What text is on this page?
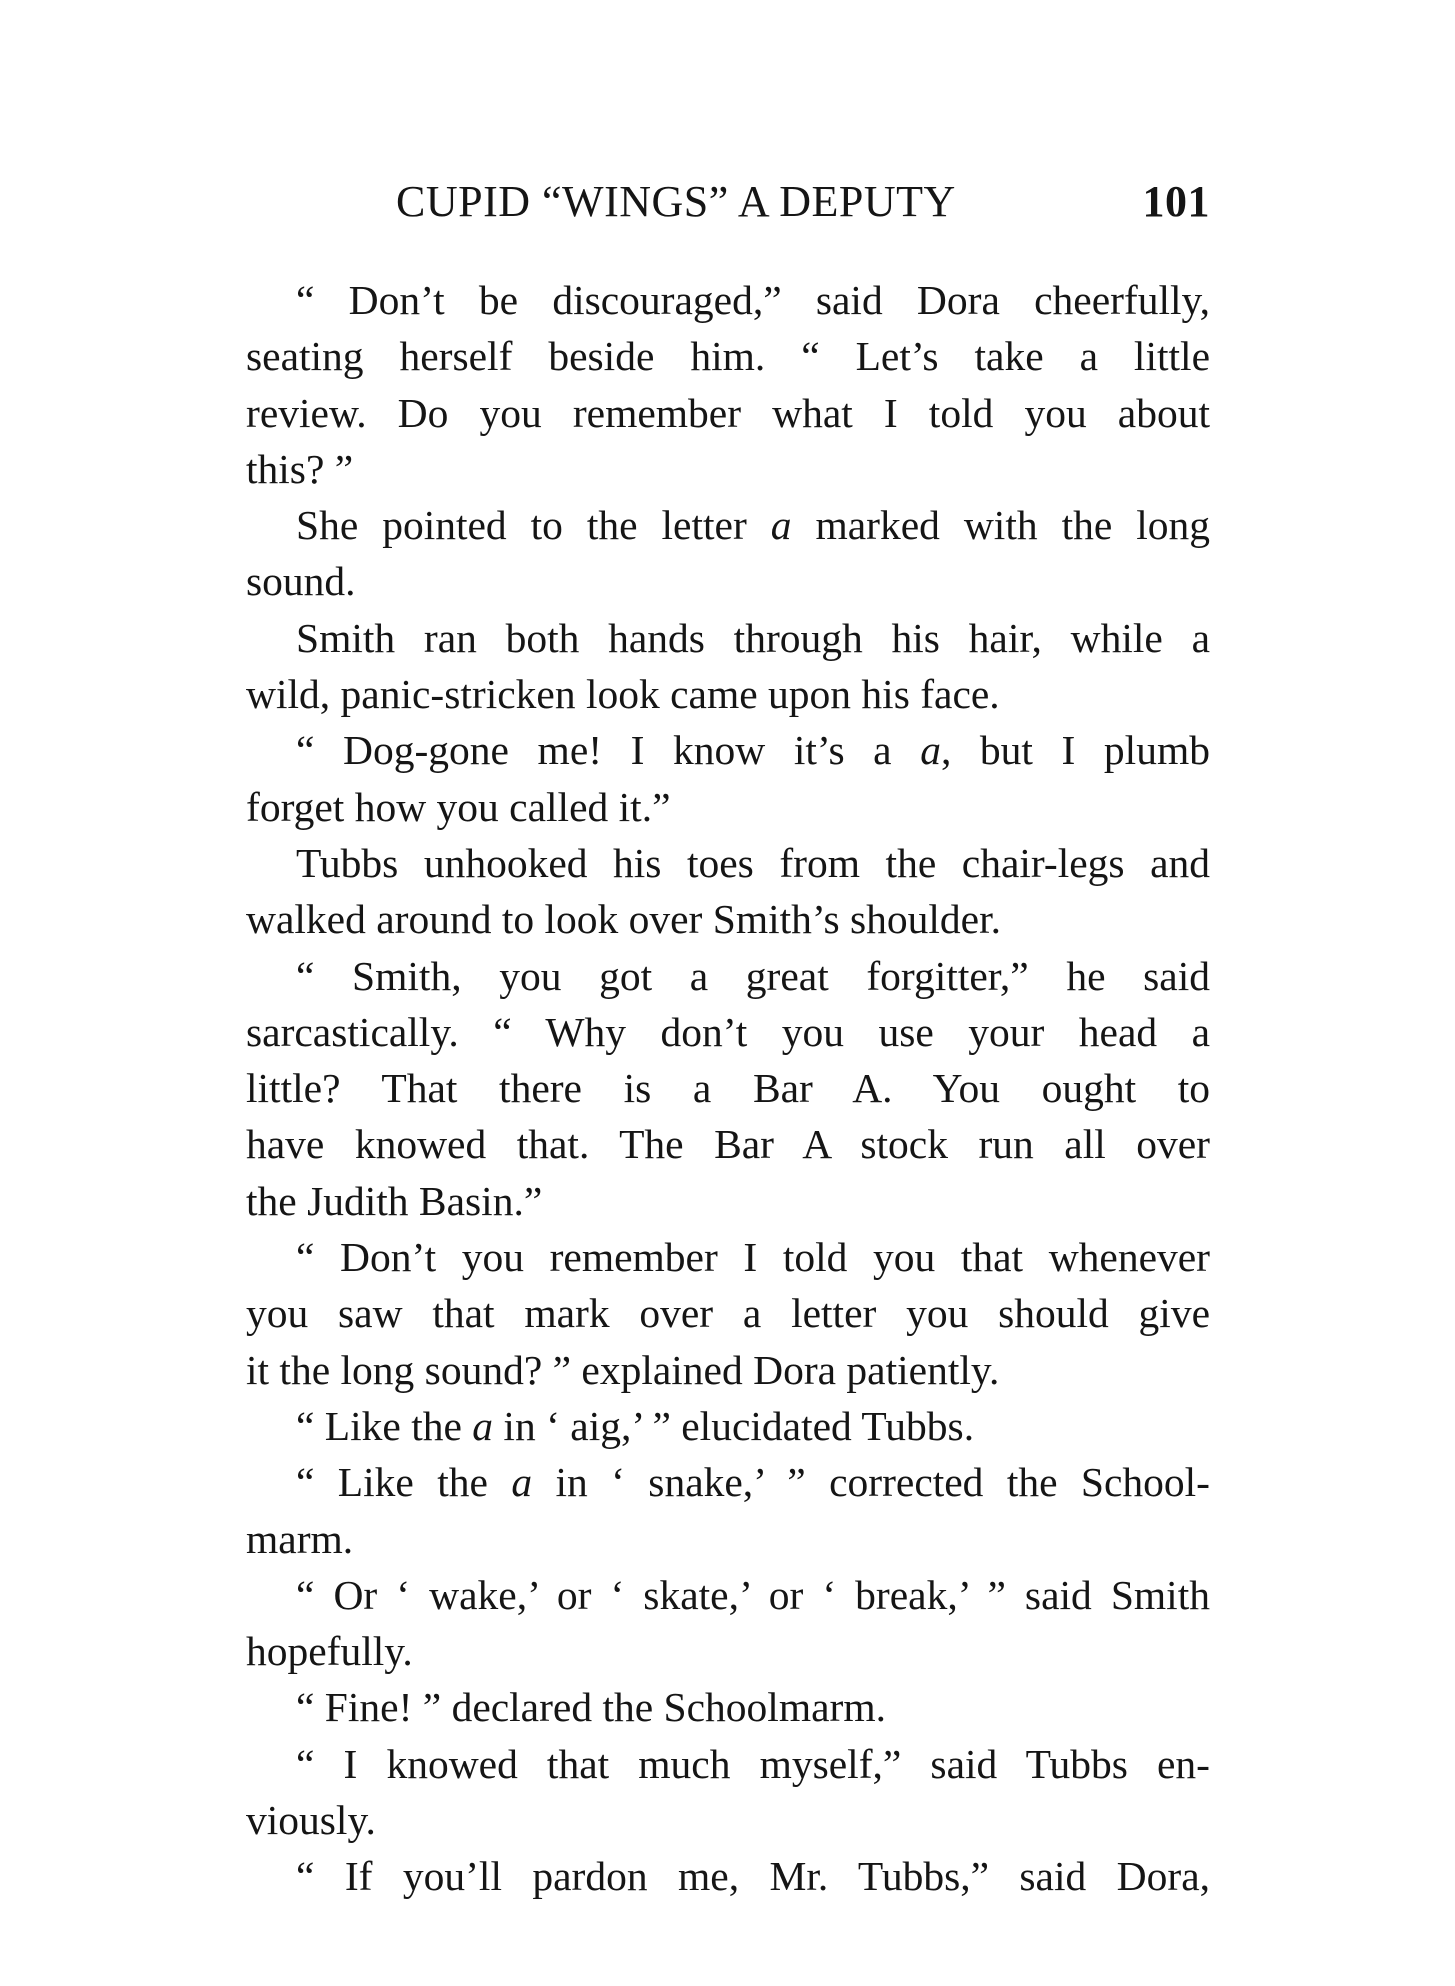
CUPID “WINGS” A DEPUTY	101
“ Don’t be discouraged,” said Dora cheerfully,
seating herself beside him. “ Let’s take a little
review. Do you remember what I told you about
this? ”
She pointed to the letter a marked with the long
sound.
Smith ran both hands through his hair, while a
wild, panic-stricken look came upon his face.
“ Dog-gone me! I know it’s a a, but I plumb
forget how you called it.”
Tubbs unhooked his toes from the chair-legs and
walked around to look over Smith’s shoulder.
“ Smith, you got a great forgitter,” he said
sarcastically. “ Why don’t you use your head a
little? That there is a Bar A. You ought to
have knowed that. The Bar A stock run all over
the Judith Basin.”
“ Don’t you remember I told you that whenever
you saw that mark over a letter you should give
it the long sound? ” explained Dora patiently.
“ Like the a in ‘ aig,’ ” elucidated Tubbs.
“ Like the a in ‘ snake,’ ” corrected the School-
marm.
“ Or ‘ wake,’ or ‘ skate,’ or ‘ break,’ ” said Smith
hopefully.
“ Fine! ” declared the Schoolmarm.
“ I knowed that much myself,” said Tubbs en-
viously.
“ If you’ll pardon me, Mr. Tubbs,” said Dora,
